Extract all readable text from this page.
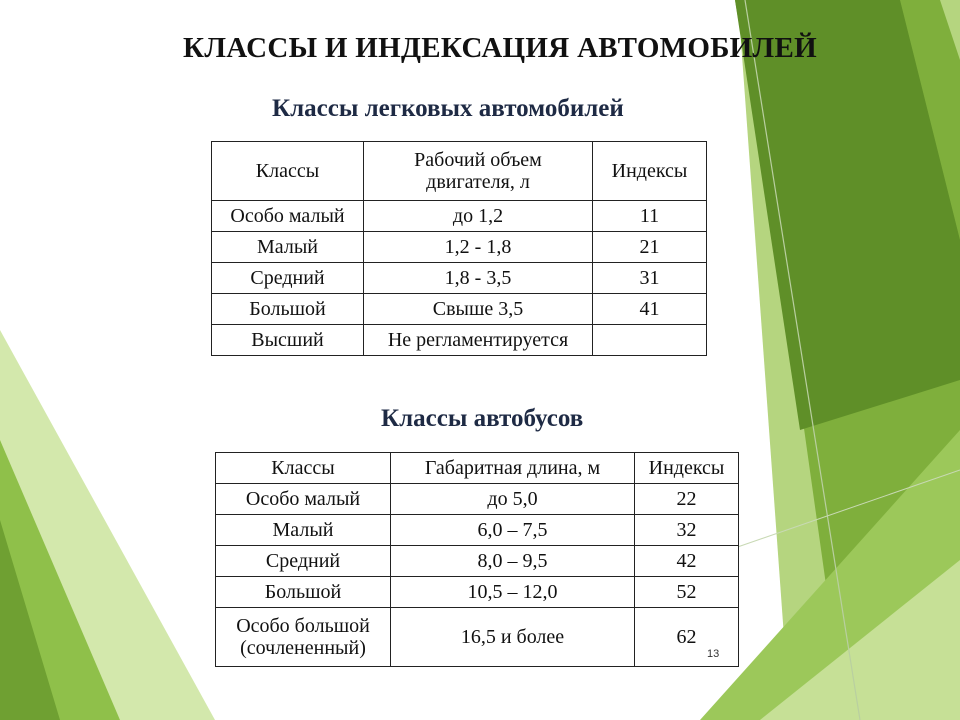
КЛАССЫ И ИНДЕКСАЦИЯ АВТОМОБИЛЕЙ
Классы легковых автомобилей
Классы	Рабочий объем двигателя, л	Индексы
Особо малый	до 1,2	11
Малый	1,2 - 1,8	21
Средний	1,8 - 3,5	31
Большой	Свыше 3,5	41
Высший	Не регламентируется	
Классы автобусов
Классы	Габаритная длина, м	Индексы
Особо малый	до 5,0	22
Малый	6,0 – 7,5	32
Средний	8,0 – 9,5	42
Большой	10,5 – 12,0	52
Особо большой (сочлененный)	16,5 и более	62
13
